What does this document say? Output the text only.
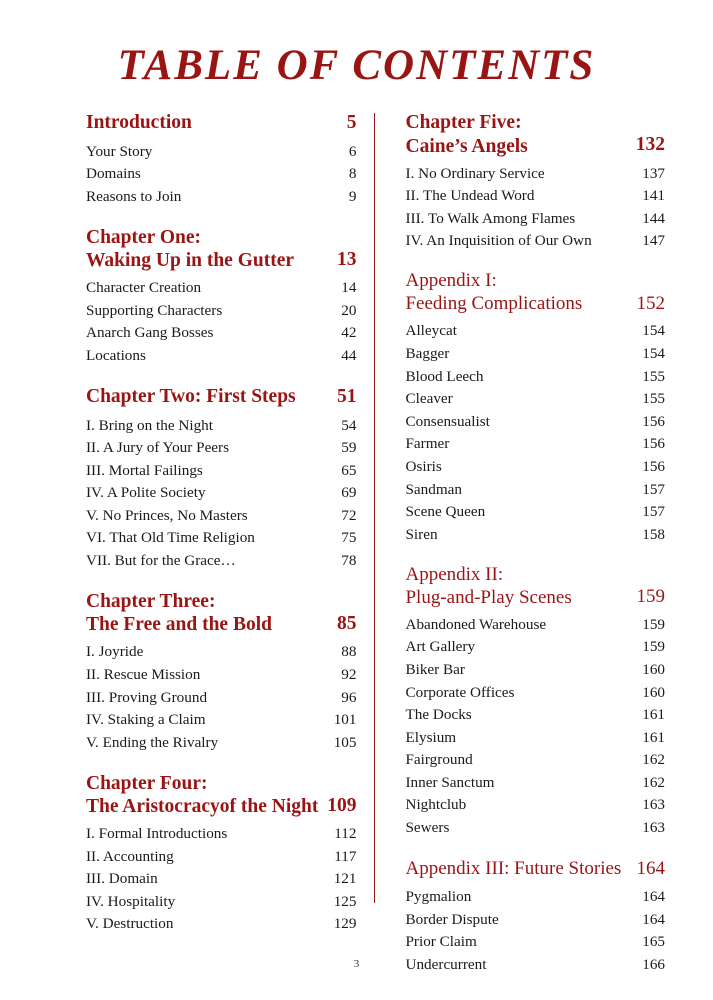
TABLE OF CONTENTS
Introduction	5
Your Story	6
Domains	8
Reasons to Join	9
Chapter One:
Waking Up in the Gutter	13
Character Creation	14
Supporting Characters	20
Anarch Gang Bosses	42
Locations	44
Chapter Two: First Steps	51
I. Bring on the Night	54
II. A Jury of Your Peers	59
III. Mortal Failings	65
IV. A Polite Society	69
V. No Princes, No Masters	72
VI. That Old Time Religion	75
VII. But for the Grace…	78
Chapter Three:
The Free and the Bold	85
I. Joyride	88
II. Rescue Mission	92
III. Proving Ground	96
IV. Staking a Claim	101
V. Ending the Rivalry	105
Chapter Four:
The Aristocracyof the Night 109
I. Formal Introductions	112
II. Accounting	117
III. Domain	121
IV. Hospitality	125
V. Destruction	129
Chapter Five:
Caine’s Angels	132
I. No Ordinary Service	137
II. The Undead Word	141
III. To Walk Among Flames	144
IV. An Inquisition of Our Own	147
Appendix I:
Feeding Complications	152
Alleycat	154
Bagger	154
Blood Leech	155
Cleaver	155
Consensualist	156
Farmer	156
Osiris	156
Sandman	157
Scene Queen	157
Siren	158
Appendix II:
Plug-and-Play Scenes	159
Abandoned Warehouse	159
Art Gallery	159
Biker Bar	160
Corporate Offices	160
The Docks	161
Elysium	161
Fairground	162
Inner Sanctum	162
Nightclub	163
Sewers	163
Appendix III: Future Stories 164
Pygmalion	164
Border Dispute	164
Prior Claim	165
Undercurrent	166
3
